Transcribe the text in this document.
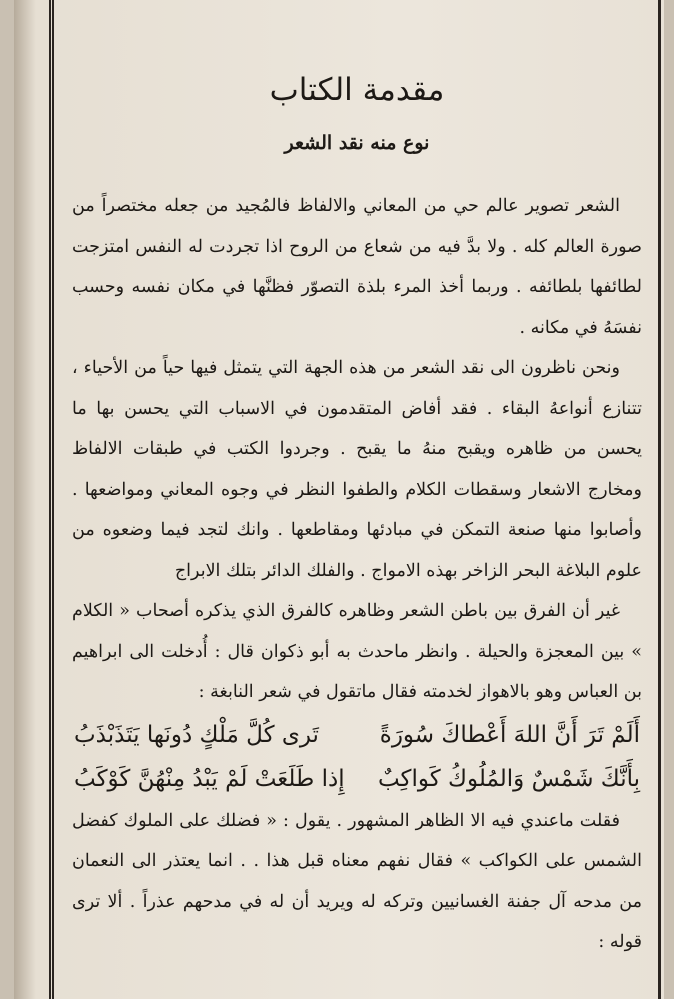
مقدمة الكتاب
نوع منه نقد الشعر

الشعر تصوير عالم حي من المعاني والالفاظ فالمُجيد من جعله مختصراً من صورة العالم كله . ولا بدَّ فيه من شعاع من الروح اذا تجردت له النفس امتزجت لطائفها بلطائفه . وربما أخذ المرء بلذة التصوّر فظنَّها في مكان نفسه وحسب نفسَهُ في مكانه .

ونحن ناظرون الى نقد الشعر من هذه الجهة التي يتمثل فيها حياً من الأحياء ، تتنازع أنواعهُ البقاء . فقد أفاض المتقدمون في الاسباب التي يحسن بها ما يحسن من ظاهره ويقبح منهُ ما يقبح . وجردوا الكتب في طبقات الالفاظ ومخارج الاشعار وسقطات الكلام والطفوا النظر في وجوه المعاني ومواضعها . وأصابوا منها صنعة التمكن في مبادئها ومقاطعها . وانك لتجد فيما وضعوه من علوم البلاغة البحر الزاخر بهذه الامواج . والفلك الدائر بتلك الابراج

غير أن الفرق بين باطن الشعر وظاهره كالفرق الذي يذكره أصحاب « الكلام » بين المعجزة والحيلة . وانظر ماحدث به أبو ذكوان قال : أُدخلت الى ابراهيم بن العباس وهو بالاهواز لخدمته فقال ماتقول في شعر النابغة :

أَلَمْ تَرَ أَنَّ اللهَ أَعْطاكَ سُورَةً
تَرى كُلَّ مَلْكٍ دُونَها يَتَذَبْذَبُ
بِأَنَّكَ شَمْسٌ وَالمُلُوكُ كَواكِبٌ
إِذا طَلَعَتْ لَمْ يَبْدُ مِنْهُنَّ كَوْكَبُ

فقلت ماعندي فيه الا الظاهر المشهور . يقول : « فضلك على الملوك كفضل الشمس على الكواكب » فقال نفهم معناه قبل هذا . . انما يعتذر الى النعمان من مدحه آل جفنة الغسانيين وتركه له ويريد أن له في مدحهم عذراً . ألا ترى قوله :
